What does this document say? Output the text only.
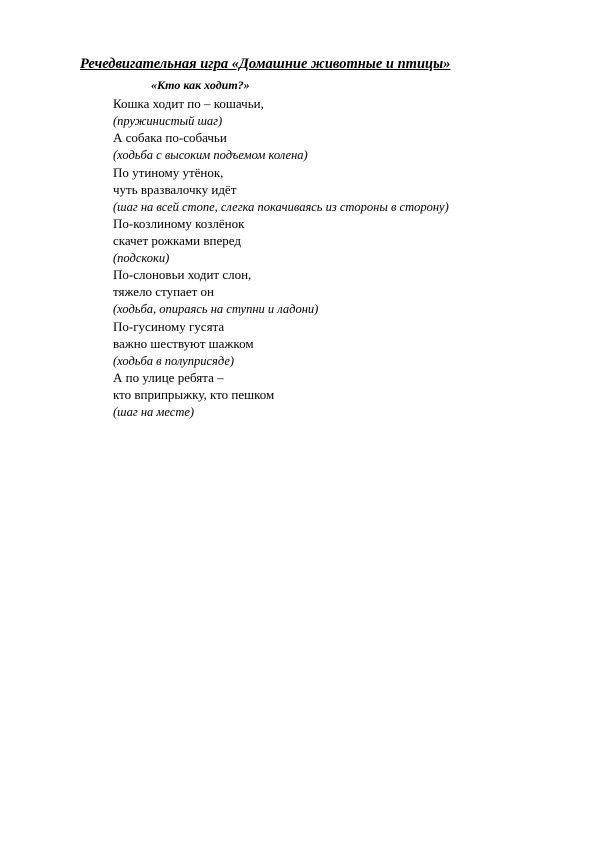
Речедвигательная игра «Домашние животные и птицы»
«Кто как ходит?»
Кошка ходит по – кошачьи,
(пружинистый шаг)
А собака по-собачьи
(ходьба с высоким подъемом колена)
По утиному утёнок,
чуть вразвалочку идёт
(шаг на всей стопе, слегка покачиваясь из стороны в сторону)
По-козлиному козлёнок
скачет рожками вперед
(подскоки)
По-слоновьи ходит слон,
тяжело ступает он
(ходьба, опираясь на ступни и ладони)
По-гусиному гусята
важно шествуют шажком
(ходьба в полуприсяде)
А по улице ребята –
кто вприпрыжку, кто пешком
(шаг на месте)
